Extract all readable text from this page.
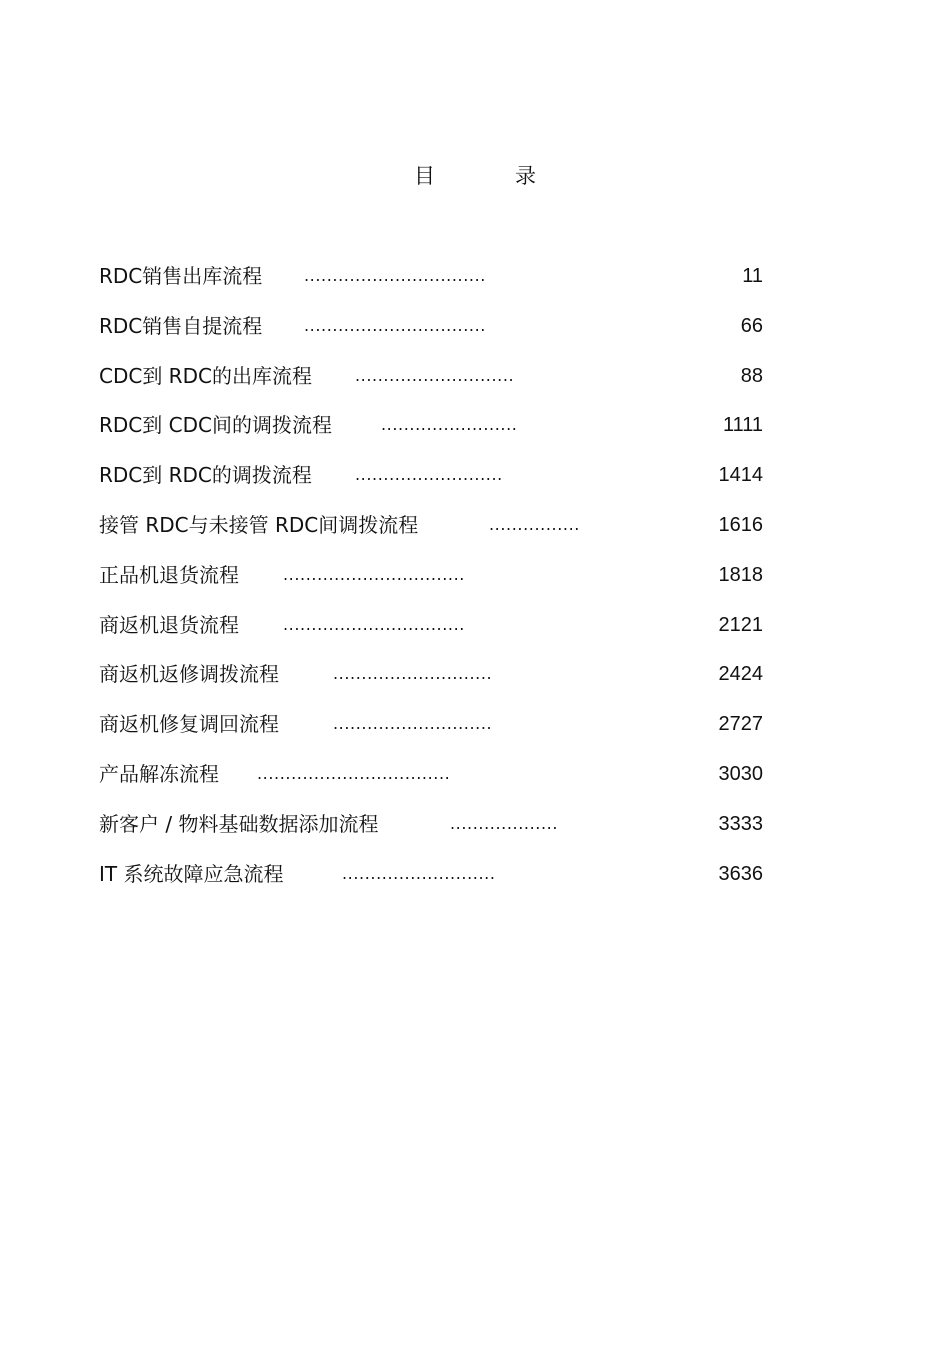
目	录
RDC销售出库流程	................................	11
RDC销售自提流程	................................	66
CDC到 RDC的出库流程	............................	88
RDC到 CDC间的调拨流程	........................	1111
RDC到 RDC的调拨流程	..........................	1414
接管 RDC与未接管 RDC间调拨流程	................	1616
正品机退货流程	................................	1818
商返机退货流程	................................	2121
商返机返修调拨流程	............................	2424
商返机修复调回流程	............................	2727
产品解冻流程 ..................................	3030
新客户 / 物料基础数据添加流程	...................	3333
IT 系统故障应急流程	...........................	3636
